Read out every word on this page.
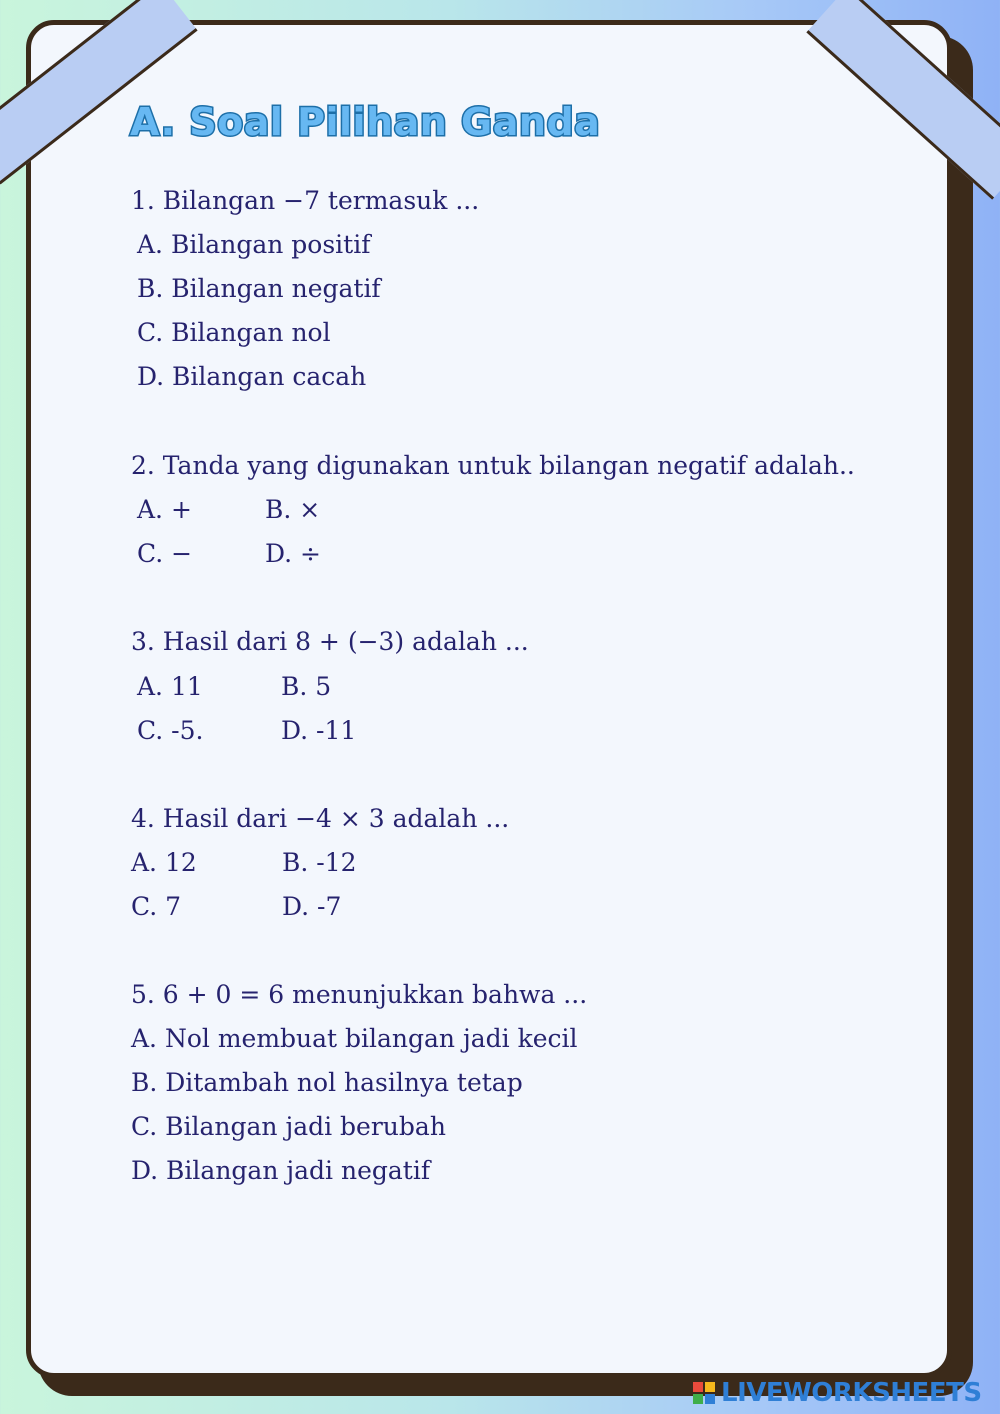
A. Soal Pilihan Ganda

1. Bilangan −7 termasuk ...

A. Bilangan positif
B. Bilangan negatif
C. Bilangan nol
D. Bilangan cacah

2. Tanda yang digunakan untuk bilangan negatif adalah..

A. +	B. ×
C. −	D. ÷

3. Hasil dari 8 + (−3) adalah ...

A. 11	B. 5
C. -5.	D. -11

4. Hasil dari −4 × 3 adalah ...

A. 12	B. -12
C. 7	D. -7

5. 6 + 0 = 6 menunjukkan bahwa ...

A. Nol membuat bilangan jadi kecil
B. Ditambah nol hasilnya tetap
C. Bilangan jadi berubah
D. Bilangan jadi negatif
LIVEWORKSHEETS
